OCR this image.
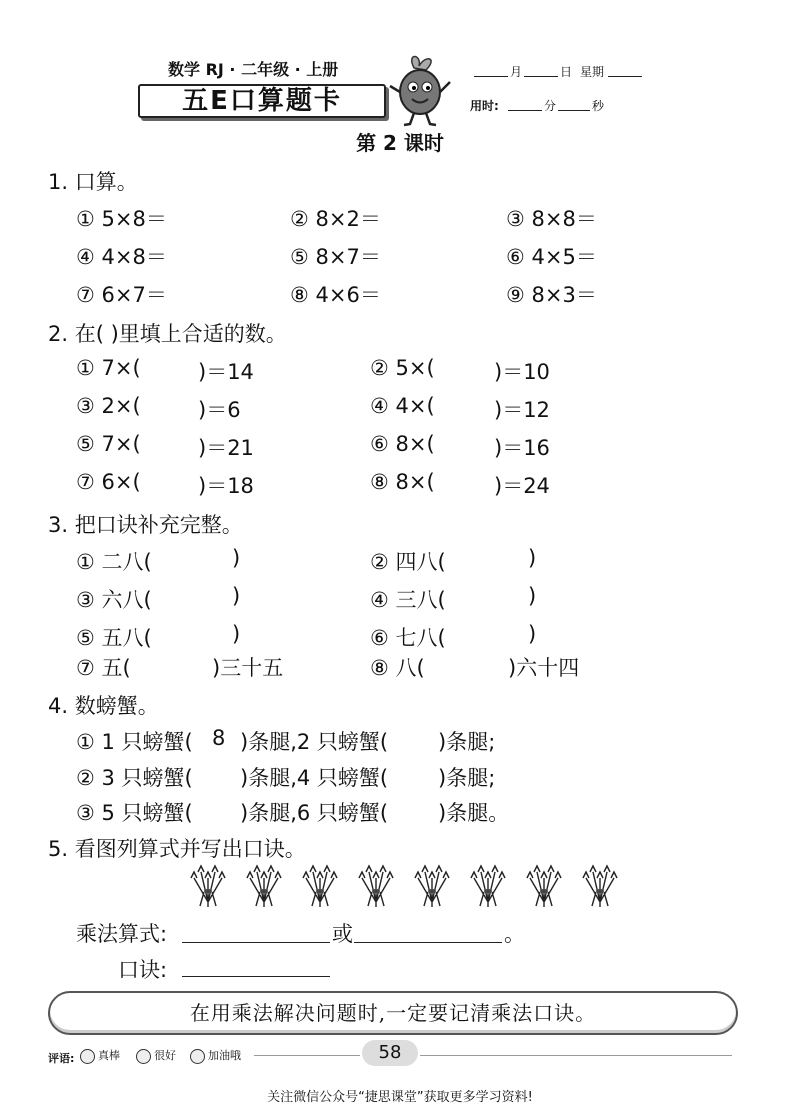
数学 RJ · 二年级 · 上册
五E口算题卡
月	日 星期
用时:	分	秒
第 2 课时
1. 口算。
① 5×8＝	② 8×2＝	③ 8×8＝
④ 4×8＝	⑤ 8×7＝	⑥ 4×5＝
⑦ 6×7＝	⑧ 4×6＝	⑨ 8×3＝
2. 在( )里填上合适的数。
① 7×(	)＝14	② 5×(	)＝10
③ 2×(	)＝6	④ 4×(	)＝12
⑤ 7×(	)＝21	⑥ 8×(	)＝16
⑦ 6×(	)＝18	⑧ 8×(	)＝24
3. 把口诀补充完整。
① 二八(	)	② 四八(	)
③ 六八(	)	④ 三八(	)
⑤ 五八(	)	⑥ 七八(	)
⑦ 五(	)三十五	⑧ 八(	)六十四
4. 数螃蟹。
① 1 只螃蟹( 8 )条腿,2 只螃蟹( )条腿;
② 3 只螃蟹( )条腿,4 只螃蟹( )条腿;
③ 5 只螃蟹( )条腿,6 只螃蟹( )条腿。
5. 看图列算式并写出口诀。
乘法算式:	或	。
口诀:
在用乘法解决问题时,一定要记清乘法口诀。
评语:	真棒	很好	加油哦	58
关注微信公众号“捷思课堂”获取更多学习资料!
